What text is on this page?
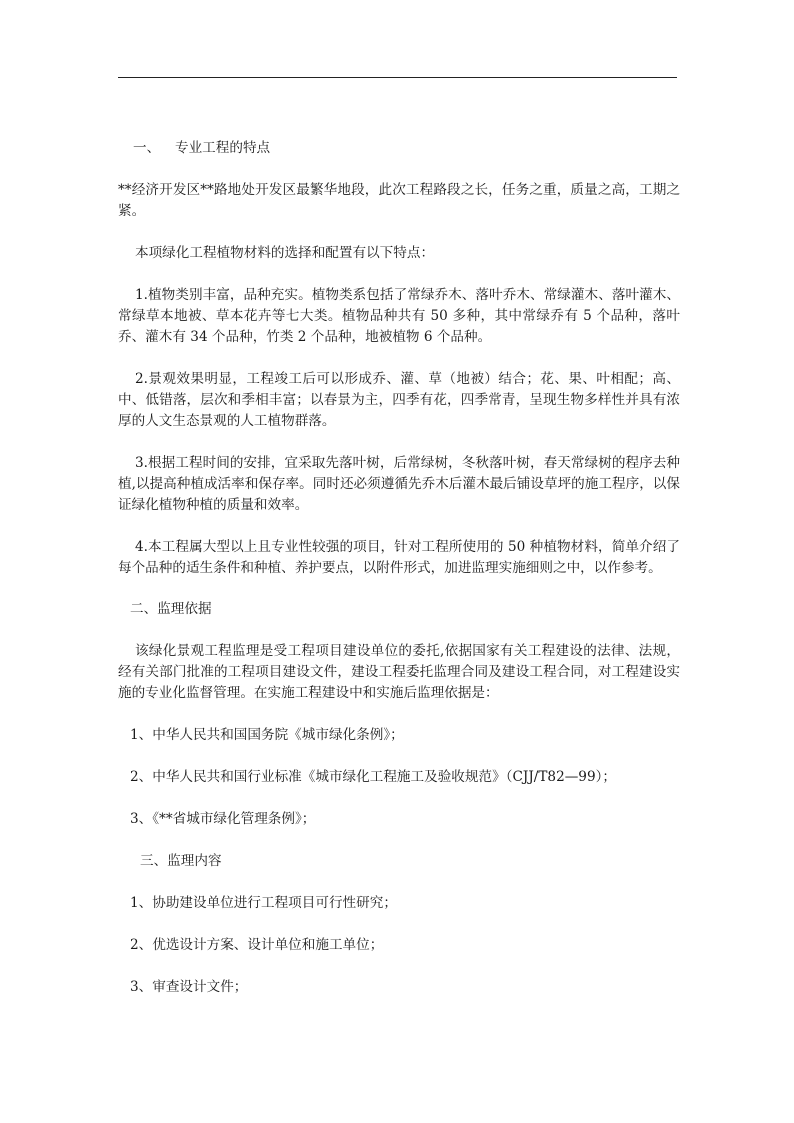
一、 专业工程的特点
**经济开发区**路地处开发区最繁华地段，此次工程路段之长，任务之重，质量之高，工期之紧。
本项绿化工程植物材料的选择和配置有以下特点：
1.植物类别丰富，品种充实。植物类系包括了常绿乔木、落叶乔木、常绿灌木、落叶灌木、常绿草本地被、草本花卉等七大类。植物品种共有 50 多种，其中常绿乔有 5 个品种，落叶乔、灌木有 34 个品种，竹类 2 个品种，地被植物 6 个品种。
2.景观效果明显，工程竣工后可以形成乔、灌、草（地被）结合；花、果、叶相配；高、中、低错落，层次和季相丰富；以春景为主，四季有花，四季常青，呈现生物多样性并具有浓厚的人文生态景观的人工植物群落。
3.根据工程时间的安排，宜采取先落叶树，后常绿树，冬秋落叶树，春天常绿树的程序去种植,以提高种植成活率和保存率。同时还必须遵循先乔木后灌木最后铺设草坪的施工程序，以保证绿化植物种植的质量和效率。
4.本工程属大型以上且专业性较强的项目，针对工程所使用的 50 种植物材料，简单介绍了每个品种的适生条件和种植、养护要点，以附件形式，加进监理实施细则之中，以作参考。
二、监理依据
该绿化景观工程监理是受工程项目建设单位的委托,依据国家有关工程建设的法律、法规，经有关部门批准的工程项目建设文件，建设工程委托监理合同及建设工程合同，对工程建设实施的专业化监督管理。在实施工程建设中和实施后监理依据是：
1、中华人民共和国国务院《城市绿化条例》；
2、中华人民共和国行业标准《城市绿化工程施工及验收规范》（CJJ/T82—99）；
3、《**省城市绿化管理条例》；
三、监理内容
1、协助建设单位进行工程项目可行性研究；
2、优选设计方案、设计单位和施工单位；
3、审查设计文件；
